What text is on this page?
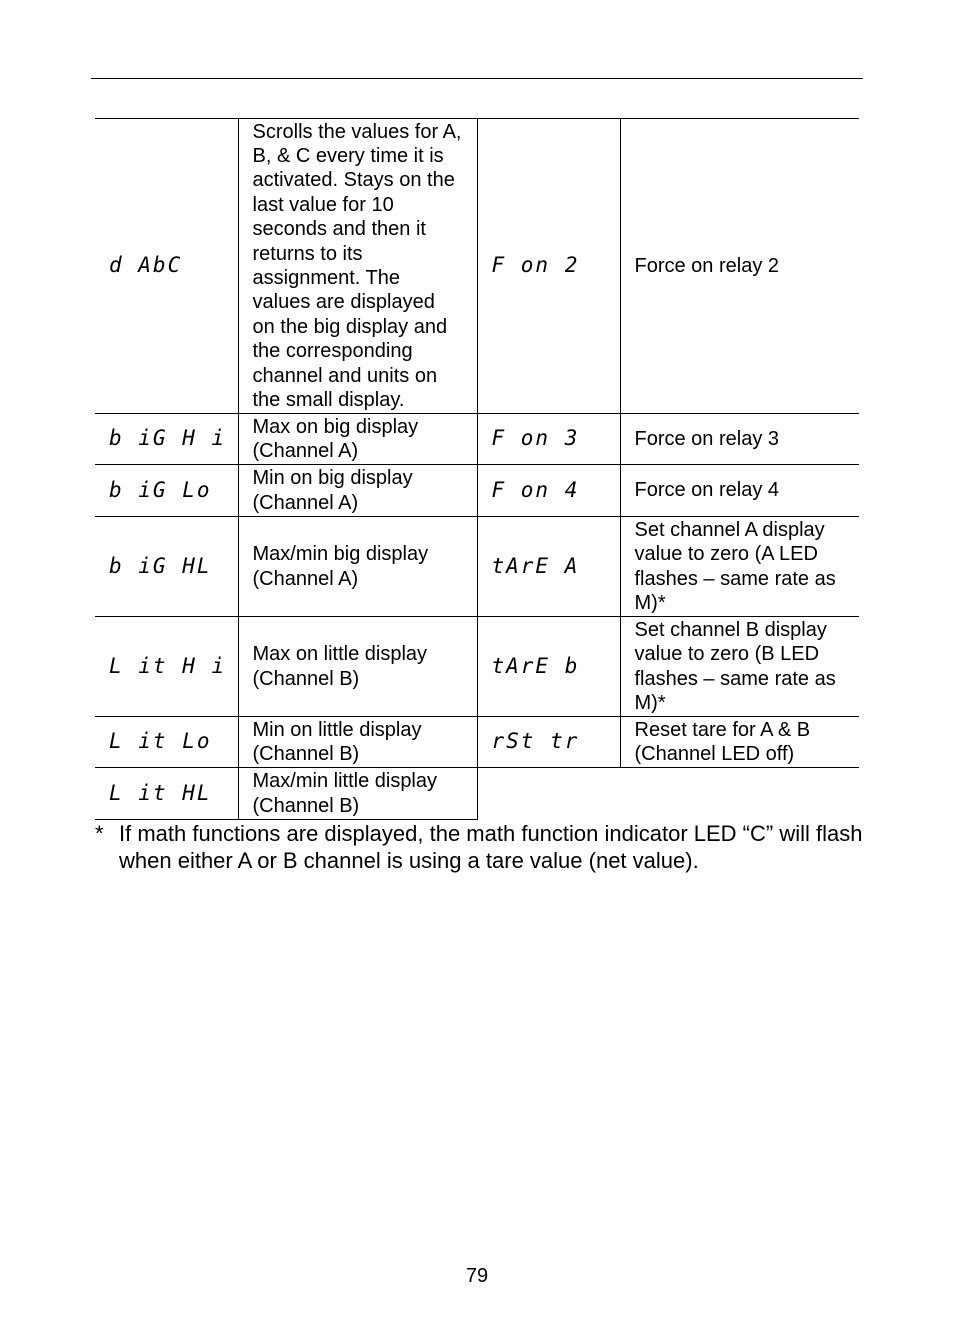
d AbC	Scrolls the values for A, B, & C every time it is activated. Stays on the last value for 10 seconds and then it returns to its assignment. The values are displayed on the big display and the corresponding channel and units on the small display.	F on 2	Force on relay 2
b iG H i	Max on big display (Channel A)	F on 3	Force on relay 3
b iG Lo	Min on big display (Channel A)	F on 4	Force on relay 4
b iG HL	Max/min big display (Channel A)	tArE A	Set channel A display value to zero (A LED flashes – same rate as M)*
L it H i	Max on little display (Channel B)	tArE b	Set channel B display value to zero (B LED flashes – same rate as M)*
L it Lo	Min on little display (Channel B)	rSt tr	Reset tare for A & B (Channel LED off)
L it HL	Max/min little display (Channel B)		
* If math functions are displayed, the math function indicator LED “C” will flash when either A or B channel is using a tare value (net value).
79
